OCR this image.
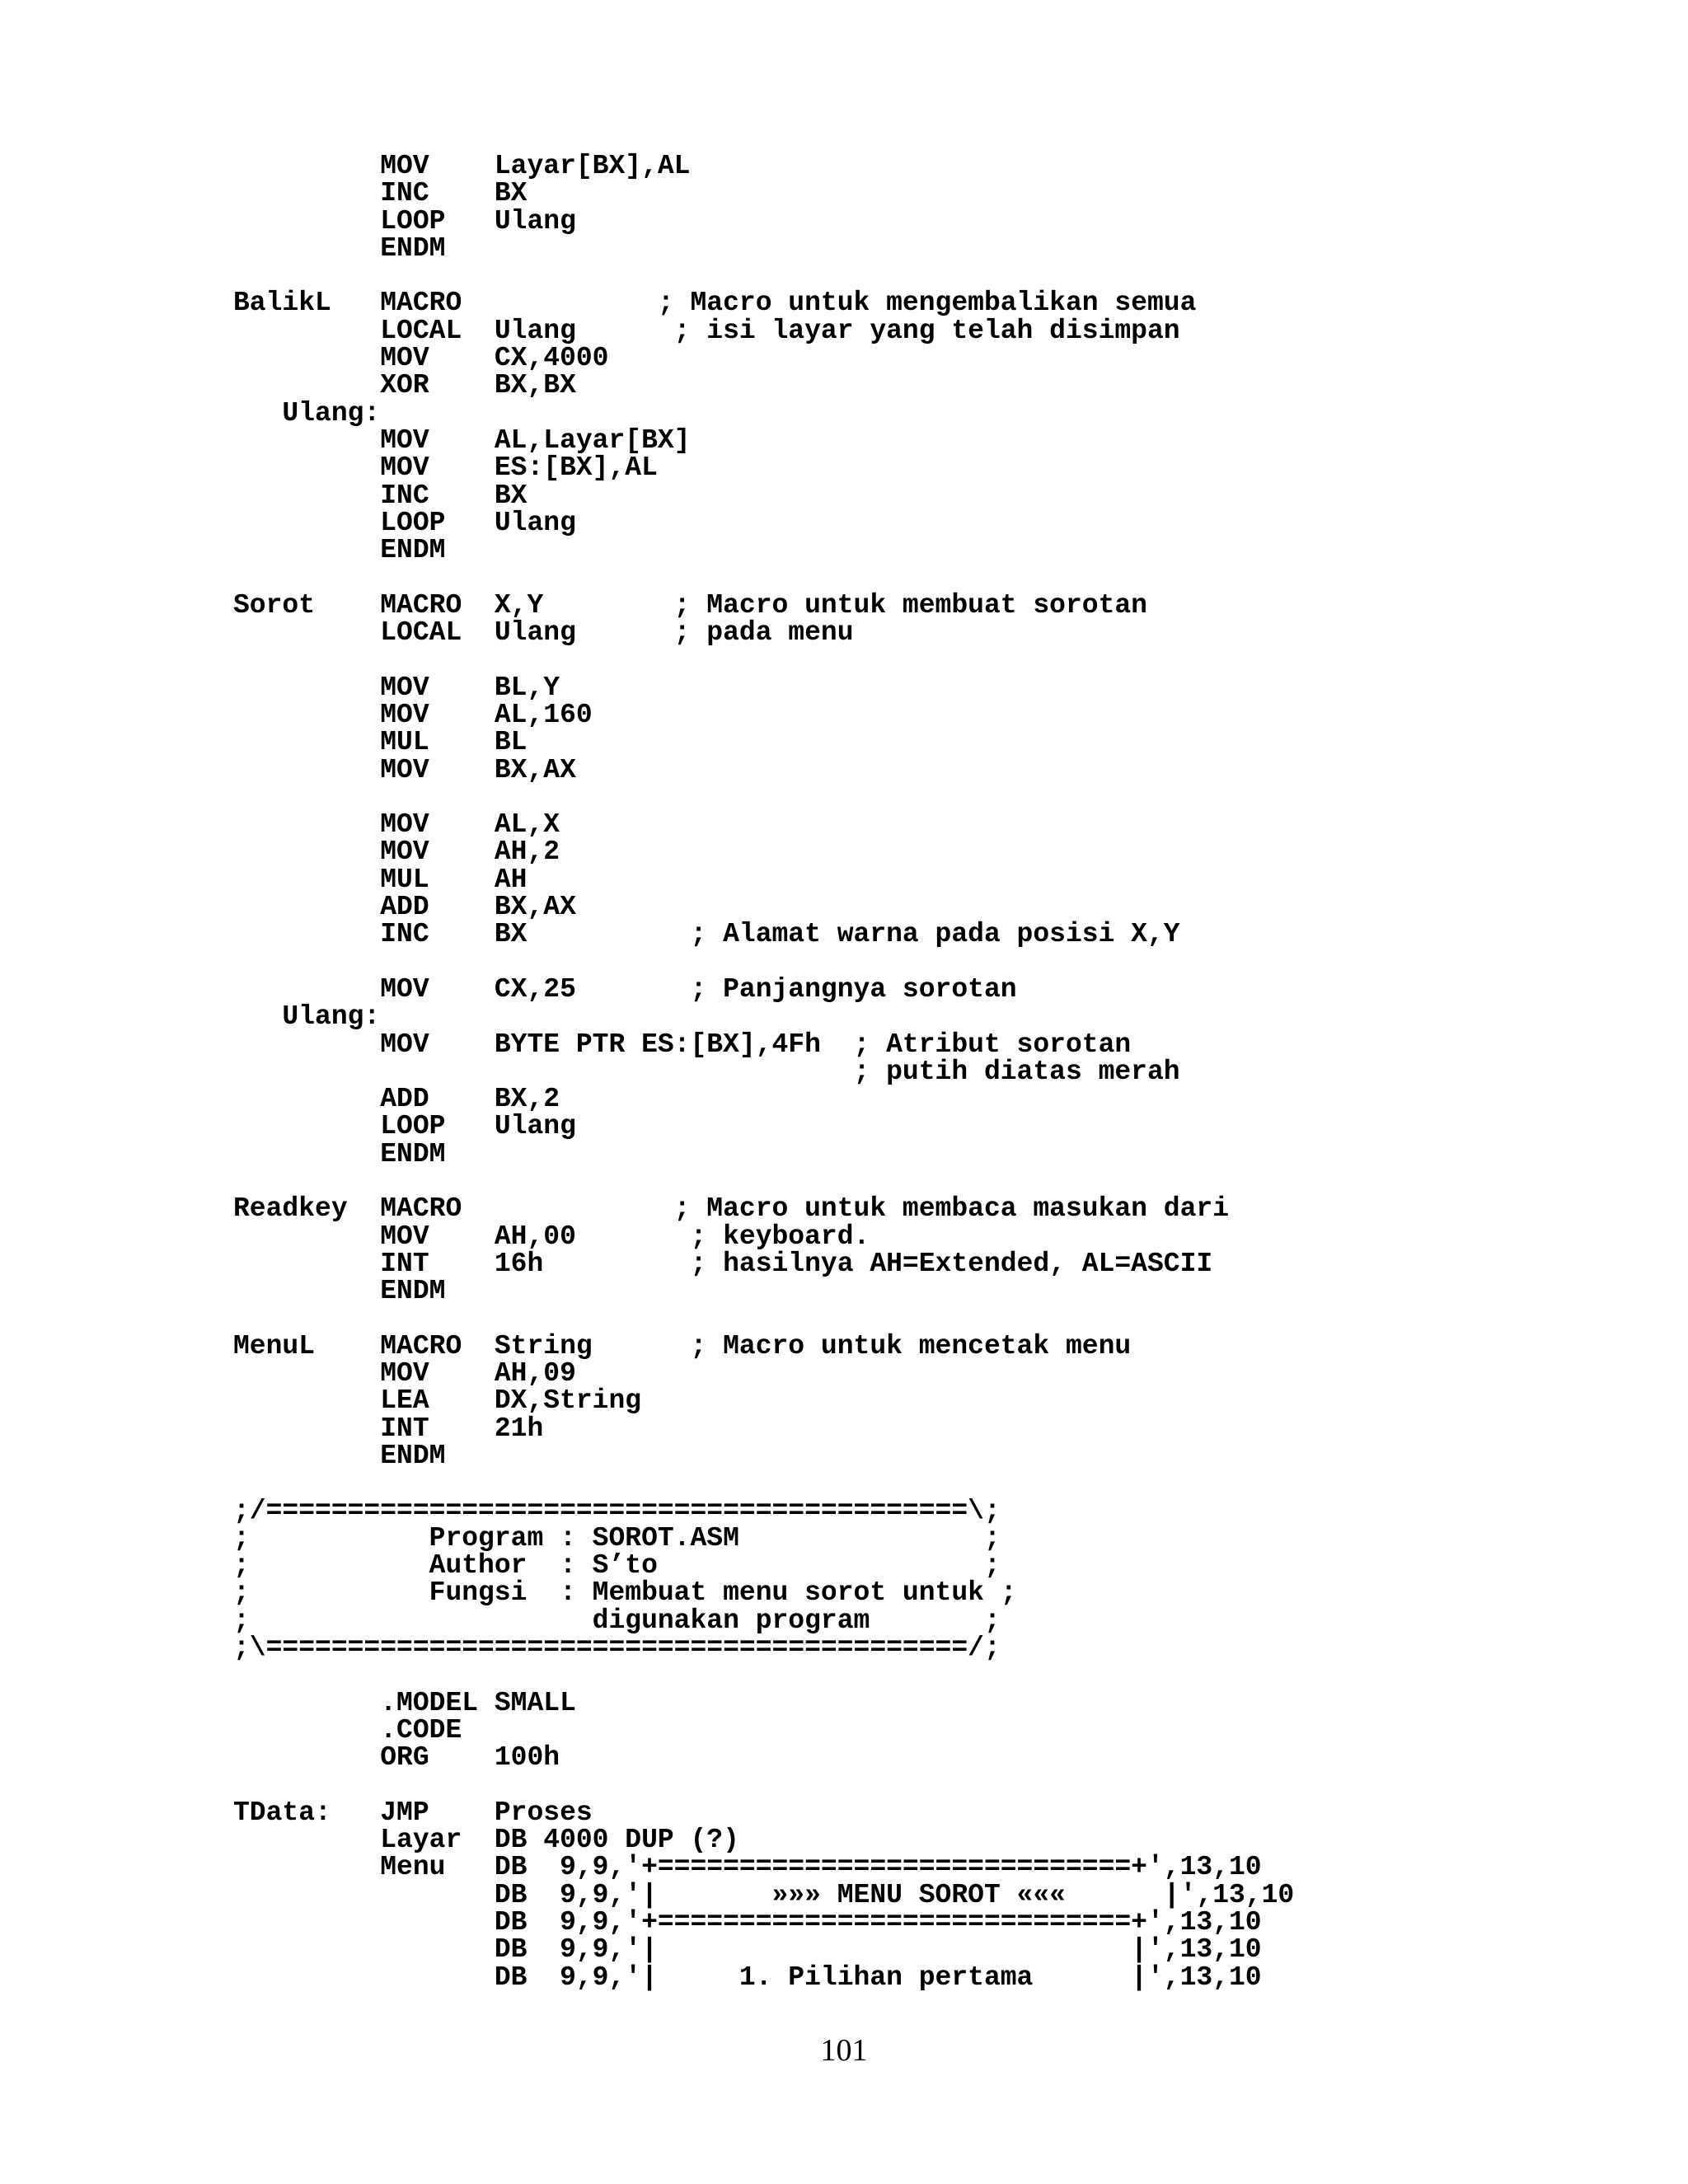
MOV    Layar[BX],AL
INC    BX
LOOP   Ulang
ENDM
BalikL   MACRO            ; Macro untuk mengembalikan semua
LOCAL  Ulang      ; isi layar yang telah disimpan
MOV    CX,4000
XOR    BX,BX
Ulang:
MOV    AL,Layar[BX]
MOV    ES:[BX],AL
INC    BX
LOOP   Ulang
ENDM
Sorot    MACRO  X,Y        ; Macro untuk membuat sorotan
LOCAL  Ulang      ; pada menu
MOV    BL,Y
MOV    AL,160
MUL    BL
MOV    BX,AX
MOV    AL,X
MOV    AH,2
MUL    AH
ADD    BX,AX
INC    BX          ; Alamat warna pada posisi X,Y
MOV    CX,25       ; Panjangnya sorotan
Ulang:
MOV    BYTE PTR ES:[BX],4Fh  ; Atribut sorotan
; putih diatas merah
ADD    BX,2
LOOP   Ulang
ENDM
Readkey  MACRO             ; Macro untuk membaca masukan dari
MOV    AH,00       ; keyboard.
INT    16h         ; hasilnya AH=Extended, AL=ASCII
ENDM
MenuL    MACRO  String      ; Macro untuk mencetak menu
MOV    AH,09
LEA    DX,String
INT    21h
ENDM
;/===========================================\;
;           Program : SOROT.ASM               ;
;           Author  : S’to                    ;
;           Fungsi  : Membuat menu sorot untuk ;
;                     digunakan program       ;
;\===========================================/;
.MODEL SMALL
.CODE
ORG    100h
TData:   JMP    Proses
Layar  DB 4000 DUP (?)
Menu   DB  9,9,'+=============================+',13,10
DB  9,9,'|       »»» MENU SOROT «««      |',13,10
DB  9,9,'+=============================+',13,10
DB  9,9,'|                             |',13,10
DB  9,9,'|     1. Pilihan pertama      |',13,10
101
